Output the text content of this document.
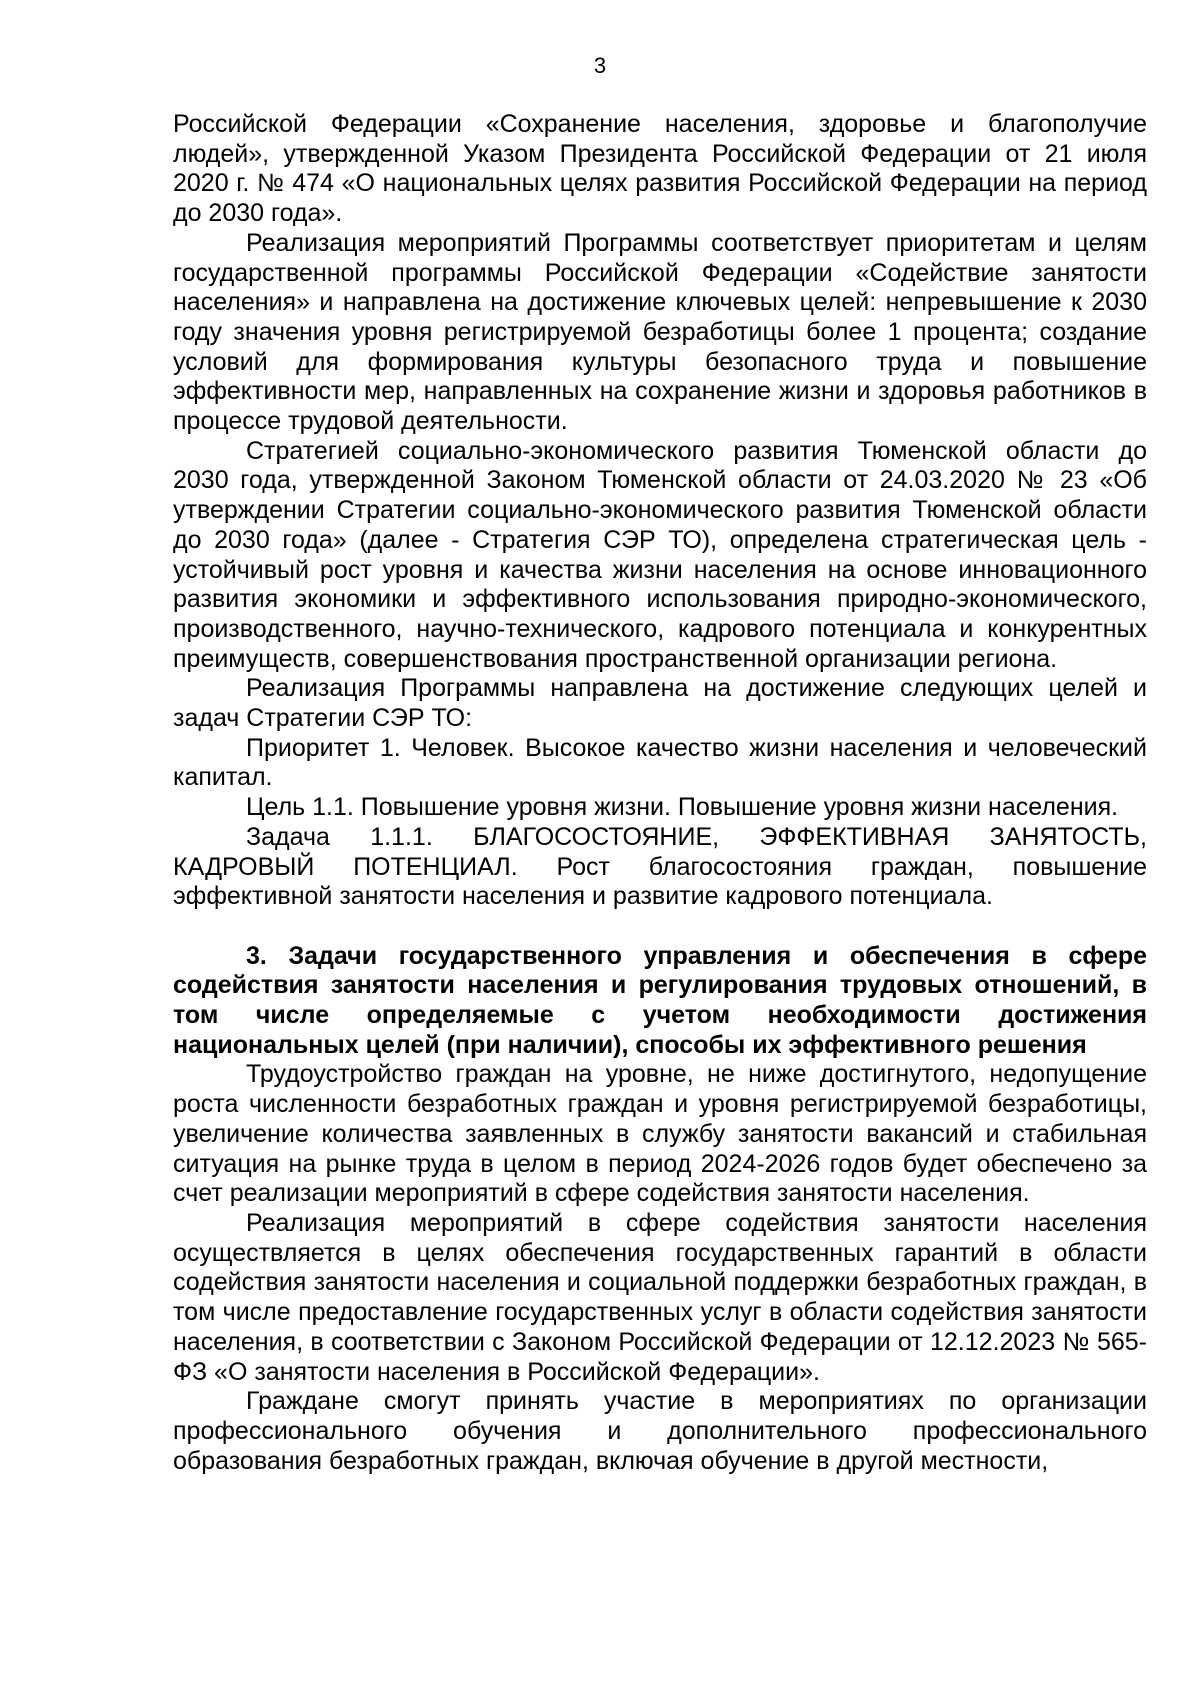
3

Российской Федерации «Сохранение населения, здоровье и благополучие людей», утвержденной Указом Президента Российской Федерации от 21 июля 2020 г. № 474 «О национальных целях развития Российской Федерации на период до 2030 года».

Реализация мероприятий Программы соответствует приоритетам и целям государственной программы Российской Федерации «Содействие занятости населения» и направлена на достижение ключевых целей: непревышение к 2030 году значения уровня регистрируемой безработицы более 1 процента; создание условий для формирования культуры безопасного труда и повышение эффективности мер, направленных на сохранение жизни и здоровья работников в процессе трудовой деятельности.

Стратегией социально-экономического развития Тюменской области до 2030 года, утвержденной Законом Тюменской области от 24.03.2020 № 23 «Об утверждении Стратегии социально-экономического развития Тюменской области до 2030 года» (далее - Стратегия СЭР ТО), определена стратегическая цель - устойчивый рост уровня и качества жизни населения на основе инновационного развития экономики и эффективного использования природно-экономического, производственного, научно-технического, кадрового потенциала и конкурентных преимуществ, совершенствования пространственной организации региона.

Реализация Программы направлена на достижение следующих целей и задач Стратегии СЭР ТО:

Приоритет 1. Человек. Высокое качество жизни населения и человеческий капитал.

Цель 1.1. Повышение уровня жизни. Повышение уровня жизни населения.

Задача 1.1.1. БЛАГОСОСТОЯНИЕ, ЭФФЕКТИВНАЯ ЗАНЯТОСТЬ, КАДРОВЫЙ ПОТЕНЦИАЛ. Рост благосостояния граждан, повышение эффективной занятости населения и развитие кадрового потенциала.

3. Задачи государственного управления и обеспечения в сфере содействия занятости населения и регулирования трудовых отношений, в том числе определяемые с учетом необходимости достижения национальных целей (при наличии), способы их эффективного решения

Трудоустройство граждан на уровне, не ниже достигнутого, недопущение роста численности безработных граждан и уровня регистрируемой безработицы, увеличение количества заявленных в службу занятости вакансий и стабильная ситуация на рынке труда в целом в период 2024-2026 годов будет обеспечено за счет реализации мероприятий в сфере содействия занятости населения.

Реализация мероприятий в сфере содействия занятости населения осуществляется в целях обеспечения государственных гарантий в области содействия занятости населения и социальной поддержки безработных граждан, в том числе предоставление государственных услуг в области содействия занятости населения, в соответствии с Законом Российской Федерации от 12.12.2023 № 565-ФЗ «О занятости населения в Российской Федерации».

Граждане смогут принять участие в мероприятиях по организации профессионального обучения и дополнительного профессионального образования безработных граждан, включая обучение в другой местности,
